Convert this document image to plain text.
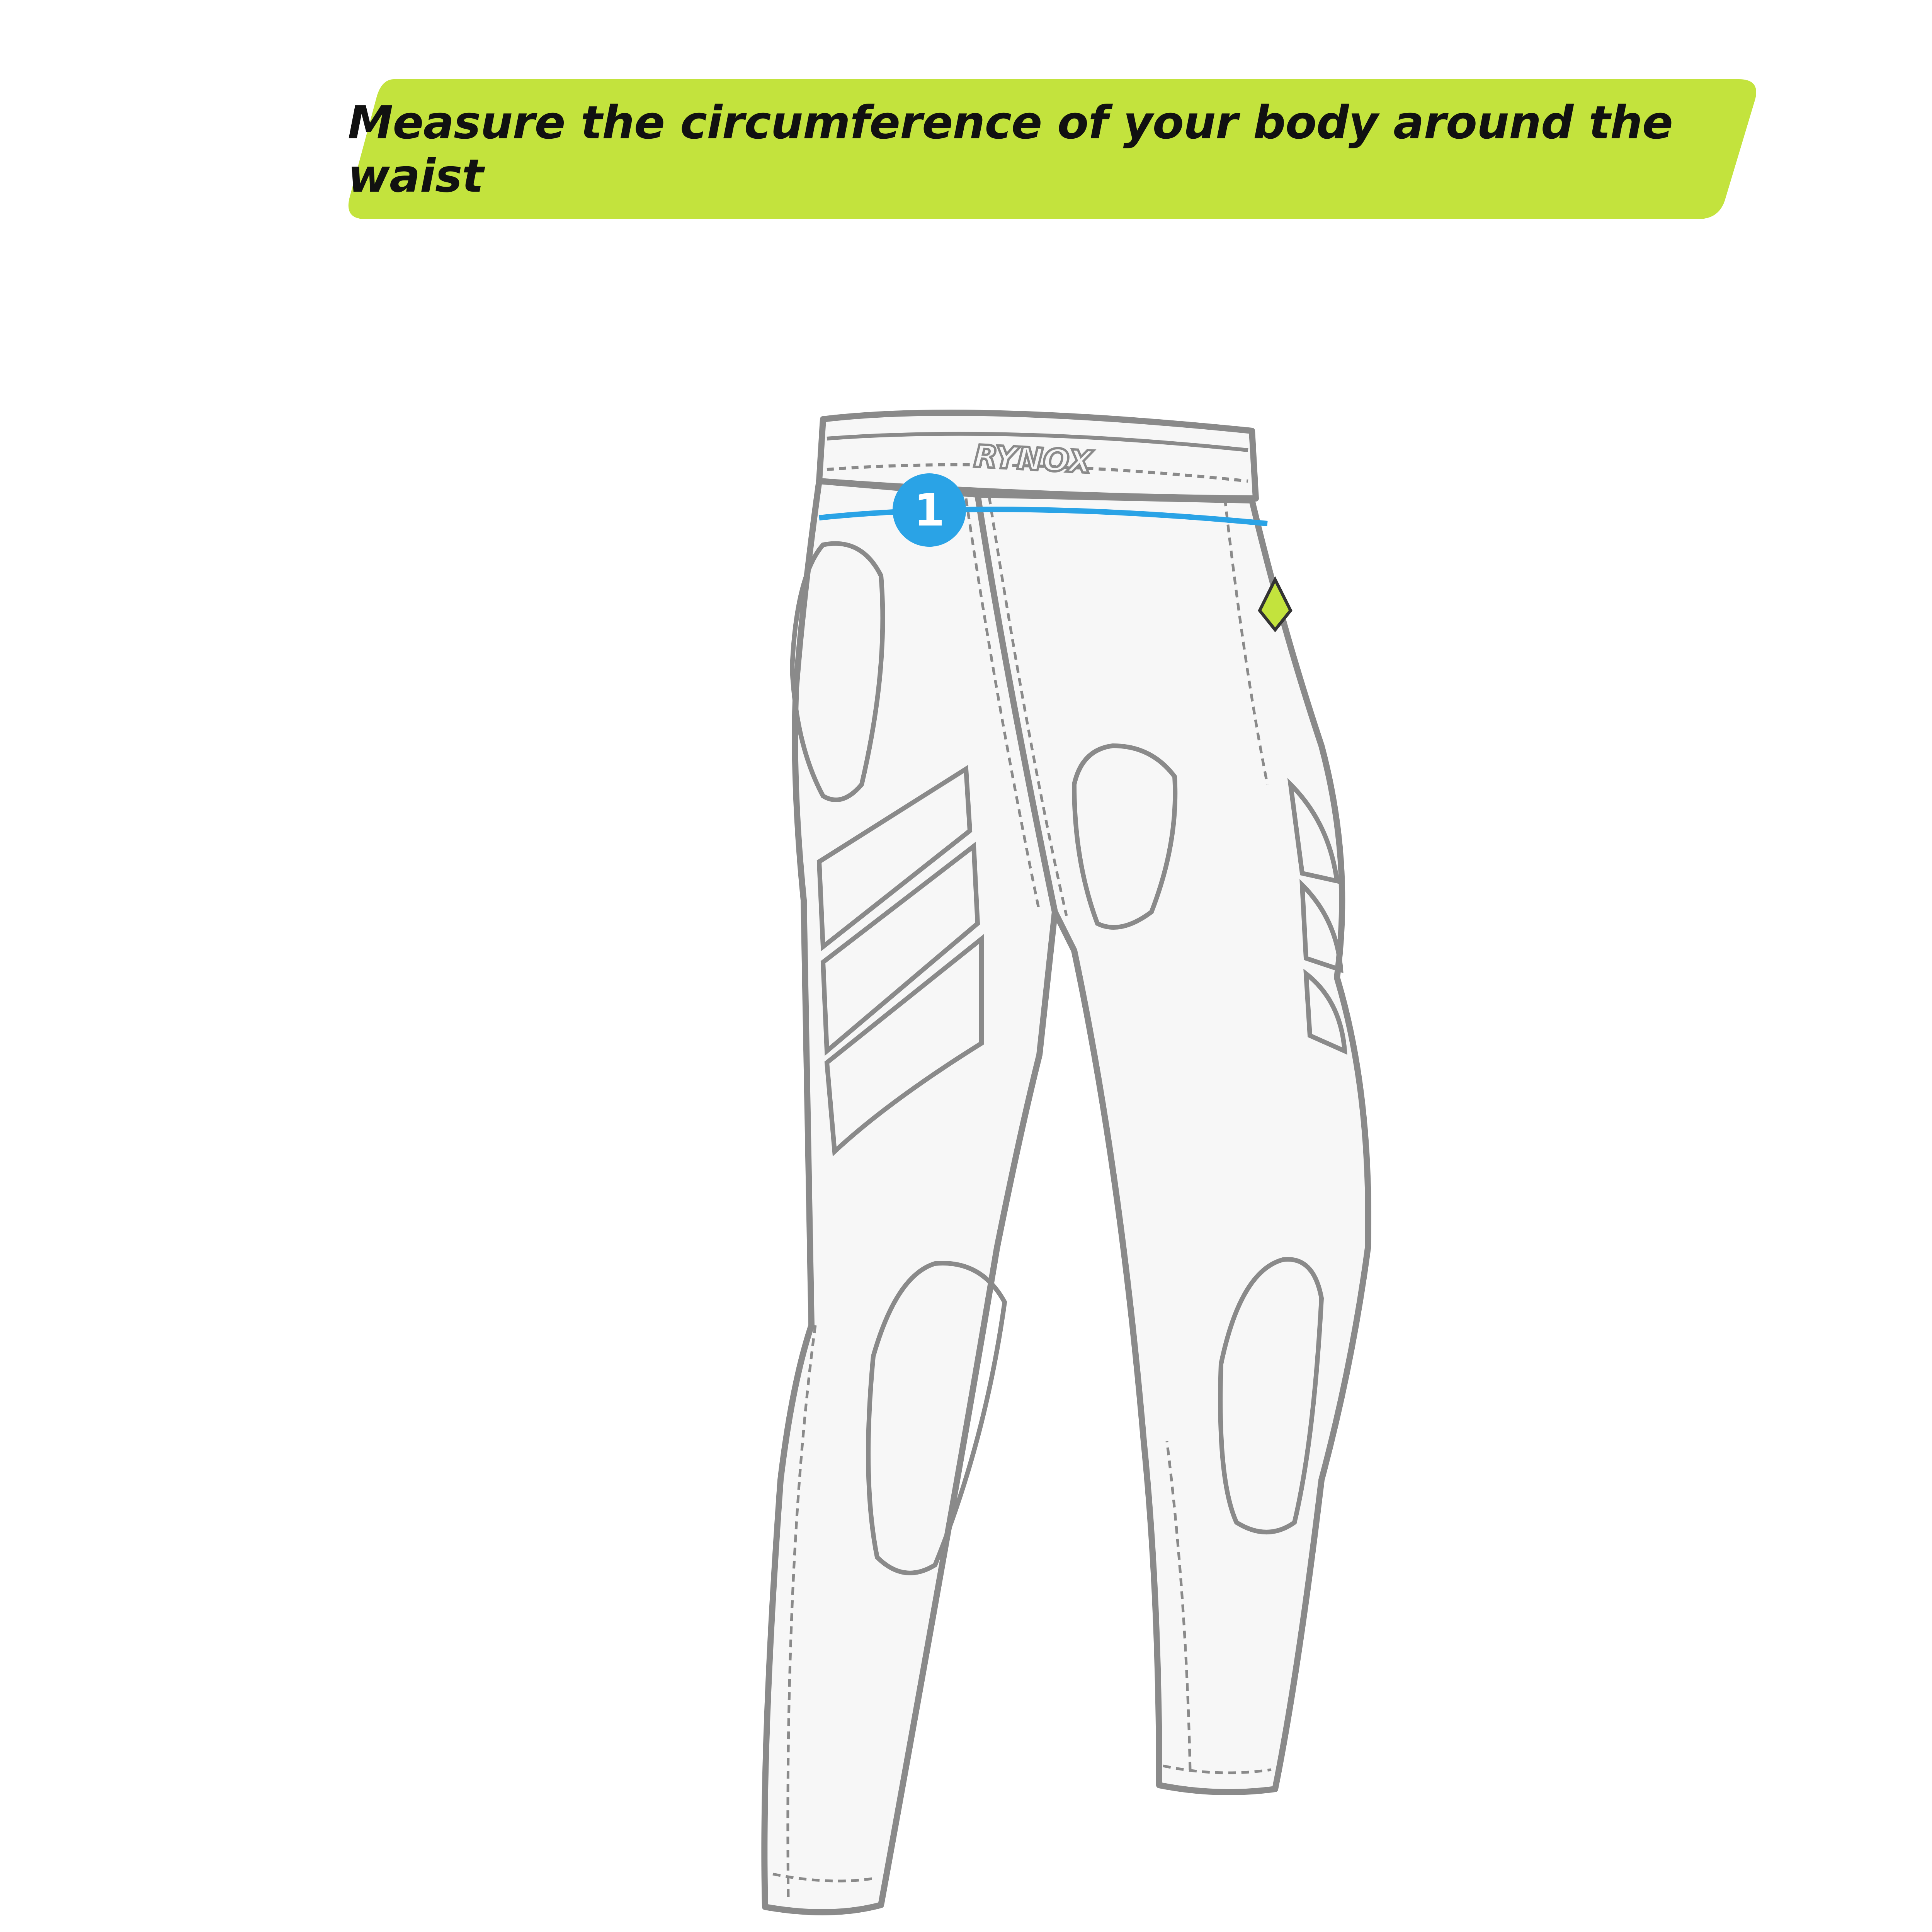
Measure the circumference of your body around the waist
RYNOX
1
